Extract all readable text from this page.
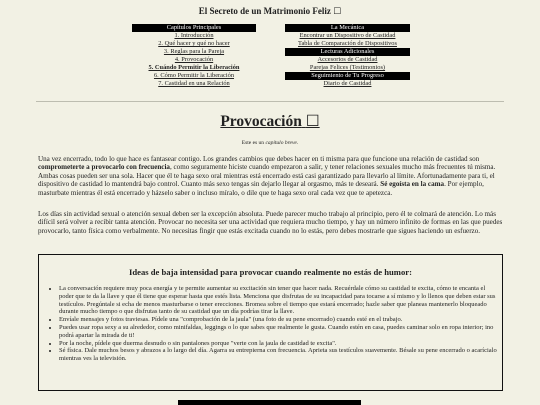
El Secreto de un Matrimonio Feliz ☐
Capítulos Principales
1. Introducción
2. Qué hacer y qué no hacer
3. Reglas para la Pareja
4. Provocación
5. Cuándo Permitir la Liberación
6. Cómo Permitir la Liberación
7. Castidad en una Relación
La Mecánica
Encontrar un Dispositivo de Castidad
Tabla de Comparación de Dispositivos
Lecturas Adicionales
Accesorios de Castidad
Parejas Felices (Testimonios)
Seguimiento de Tu Progreso
Diario de Castidad
Provocación ☐
Este es un capítulo breve.

Una vez encerrado, todo lo que hace es fantasear contigo. Los grandes cambios que debes hacer en ti misma para que funcione una relación de castidad son comprometerte a provocarlo con frecuencia, como seguramente hiciste cuando empezaron a salir, y tener relaciones sexuales mucho más frecuentes tú misma. Ambas cosas pueden ser una sola. Hacer que él te haga sexo oral mientras está encerrado está casi garantizado para llevarlo al límite. Afortunadamente para ti, el dispositivo de castidad lo mantendrá bajo control. Cuanto más sexo tengas sin dejarlo llegar al orgasmo, más te deseará. Sé egoísta en la cama. Por ejemplo, masturbate mientras él está encerrado y házselo saber o incluso míralo, o dile que te haga sexo oral cada vez que te apetezca.

Los días sin actividad sexual o atención sexual deben ser la excepción absoluta. Puede parecer mucho trabajo al principio, pero él te colmará de atención. Lo más difícil será volver a recibir tanta atención. Provocar no necesita ser una actividad que requiera mucho tiempo, y hay un número infinito de formas en las que puedes provocarlo, tanto física como verbalmente. No necesitas fingir que estás excitada cuando no lo estás, pero debes mostrarle que sigues haciendo un esfuerzo.

Ideas de baja intensidad para provocar cuando realmente no estás de humor:
• La conversación requiere muy poca energía y te permite aumentar su excitación sin tener que hacer nada. Recuérdale cómo su castidad te excita, cómo te encanta el poder que te da la llave y que él tiene que esperar hasta que estés lista. Menciona que disfrutas de su incapacidad para tocarse a sí mismo y lo llenos que deben estar sus testículos. Pregúntale si echa de menos masturbarse o tener erecciones. Bromea sobre el tiempo que estará encerrado; hazle saber que planeas mantenerlo bloqueado durante mucho tiempo o que disfrutas tanto de su castidad que un día podrías tirar la llave.
• Envíale mensajes y fotos traviesas. Pídele una "comprobación de la jaula" (una foto de su pene encerrado) cuando esté en el trabajo.
• Puedes usar ropa sexy a su alrededor, como minifaldas, leggings o lo que sabes que realmente le gusta. Cuando estén en casa, puedes caminar solo en ropa interior; ino podrá apartar la mirada de ti!
• Por la noche, pídele que duerma desnudo o sin pantalones porque "verte con la jaula de castidad te excita".
• Sé física. Dale muchos besos y abrazos a lo largo del día. Agarra su entrepierna con frecuencia. Aprieta sus testículos suavemente. Bésale su pene encerrado o acarícialo mientras ves la televisión.
